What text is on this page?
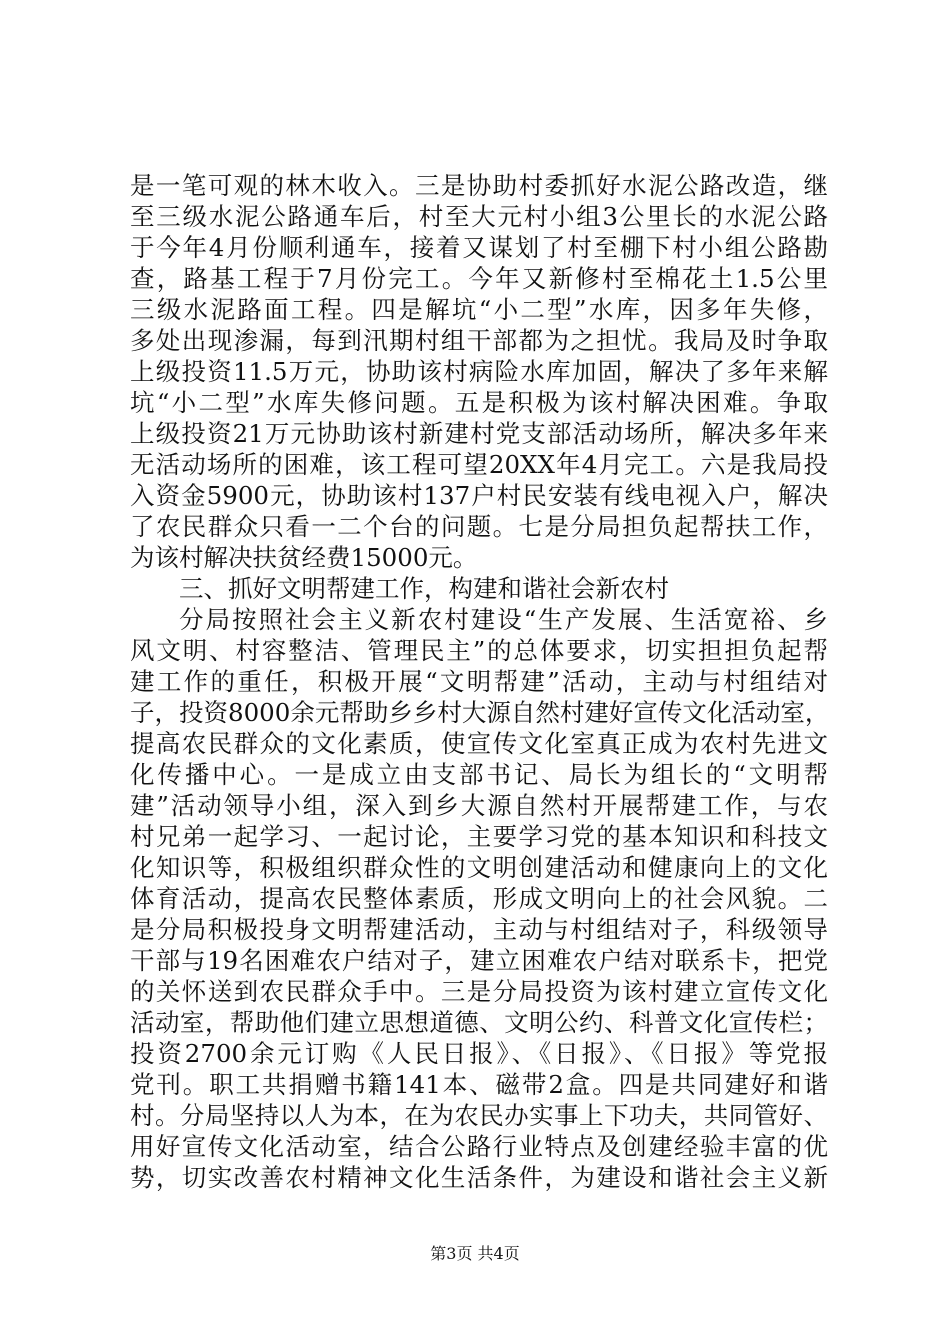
是一笔可观的林木收入。三是协助村委抓好水泥公路改造，继
至三级水泥公路通车后，村至大元村小组3公里长的水泥公路
于今年4月份顺利通车，接着又谋划了村至棚下村小组公路勘
查，路基工程于7月份完工。今年又新修村至棉花土1.5公里
三级水泥路面工程。四是解坑“小二型”水库，因多年失修，
多处出现渗漏，每到汛期村组干部都为之担忧。我局及时争取
上级投资11.5万元，协助该村病险水库加固，解决了多年来解
坑“小二型”水库失修问题。五是积极为该村解决困难。争取
上级投资21万元协助该村新建村党支部活动场所，解决多年来
无活动场所的困难，该工程可望20XX年4月完工。六是我局投
入资金5900元，协助该村137户村民安装有线电视入户，解决
了农民群众只看一二个台的问题。七是分局担负起帮扶工作，
为该村解决扶贫经费15000元。
三、抓好文明帮建工作，构建和谐社会新农村
分局按照社会主义新农村建设“生产发展、生活宽裕、乡
风文明、村容整洁、管理民主”的总体要求，切实担担负起帮
建工作的重任，积极开展“文明帮建”活动，主动与村组结对
子，投资8000余元帮助乡乡村大源自然村建好宣传文化活动室，
提高农民群众的文化素质，使宣传文化室真正成为农村先进文
化传播中心。一是成立由支部书记、局长为组长的“文明帮
建”活动领导小组，深入到乡大源自然村开展帮建工作，与农
村兄弟一起学习、一起讨论，主要学习党的基本知识和科技文
化知识等，积极组织群众性的文明创建活动和健康向上的文化
体育活动，提高农民整体素质，形成文明向上的社会风貌。二
是分局积极投身文明帮建活动，主动与村组结对子，科级领导
干部与19名困难农户结对子，建立困难农户结对联系卡，把党
的关怀送到农民群众手中。三是分局投资为该村建立宣传文化
活动室，帮助他们建立思想道德、文明公约、科普文化宣传栏；
投资2700余元订购《人民日报》、《日报》、《日报》等党报
党刊。职工共捐赠书籍141本、磁带2盒。四是共同建好和谐
村。分局坚持以人为本，在为农民办实事上下功夫，共同管好、
用好宣传文化活动室，结合公路行业特点及创建经验丰富的优
势，切实改善农村精神文化生活条件，为建设和谐社会主义新
第3页 共4页
